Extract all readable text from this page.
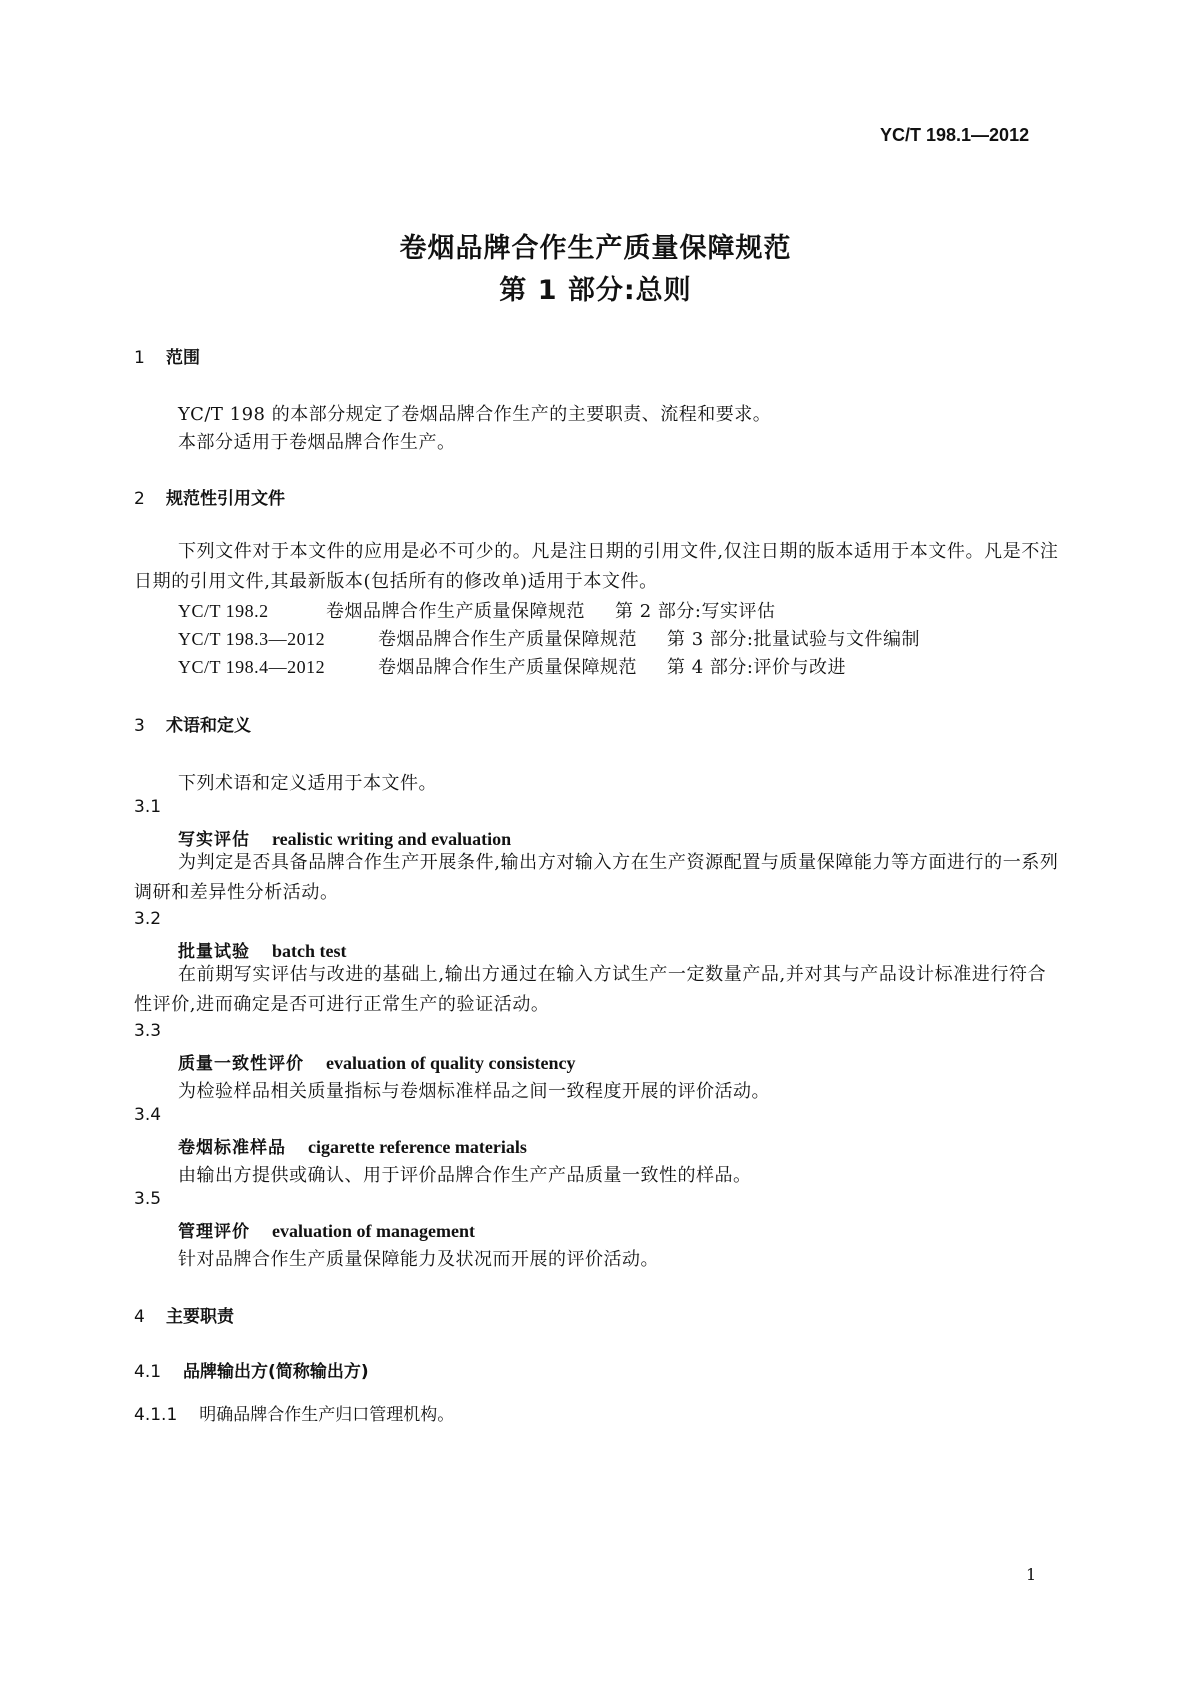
YC/T 198.1—2012
卷烟品牌合作生产质量保障规范
第 1 部分:总则
1 范围
YC/T 198 的本部分规定了卷烟品牌合作生产的主要职责、流程和要求。
本部分适用于卷烟品牌合作生产。
2 规范性引用文件
下列文件对于本文件的应用是必不可少的。凡是注日期的引用文件,仅注日期的版本适用于本文件。凡是不注日期的引用文件,其最新版本(包括所有的修改单)适用于本文件。
YC/T 198.2	卷烟品牌合作生产质量保障规范 第 2 部分:写实评估
YC/T 198.3—2012	卷烟品牌合作生产质量保障规范 第 3 部分:批量试验与文件编制
YC/T 198.4—2012	卷烟品牌合作生产质量保障规范 第 4 部分:评价与改进
3 术语和定义
下列术语和定义适用于本文件。
3.1
写实评估 realistic writing and evaluation
为判定是否具备品牌合作生产开展条件,输出方对输入方在生产资源配置与质量保障能力等方面进行的一系列调研和差异性分析活动。
3.2
批量试验 batch test
在前期写实评估与改进的基础上,输出方通过在输入方试生产一定数量产品,并对其与产品设计标准进行符合性评价,进而确定是否可进行正常生产的验证活动。
3.3
质量一致性评价 evaluation of quality consistency
为检验样品相关质量指标与卷烟标准样品之间一致程度开展的评价活动。
3.4
卷烟标准样品 cigarette reference materials
由输出方提供或确认、用于评价品牌合作生产产品质量一致性的样品。
3.5
管理评价 evaluation of management
针对品牌合作生产质量保障能力及状况而开展的评价活动。
4 主要职责
4.1 品牌输出方(简称输出方)
4.1.1 明确品牌合作生产归口管理机构。
1
